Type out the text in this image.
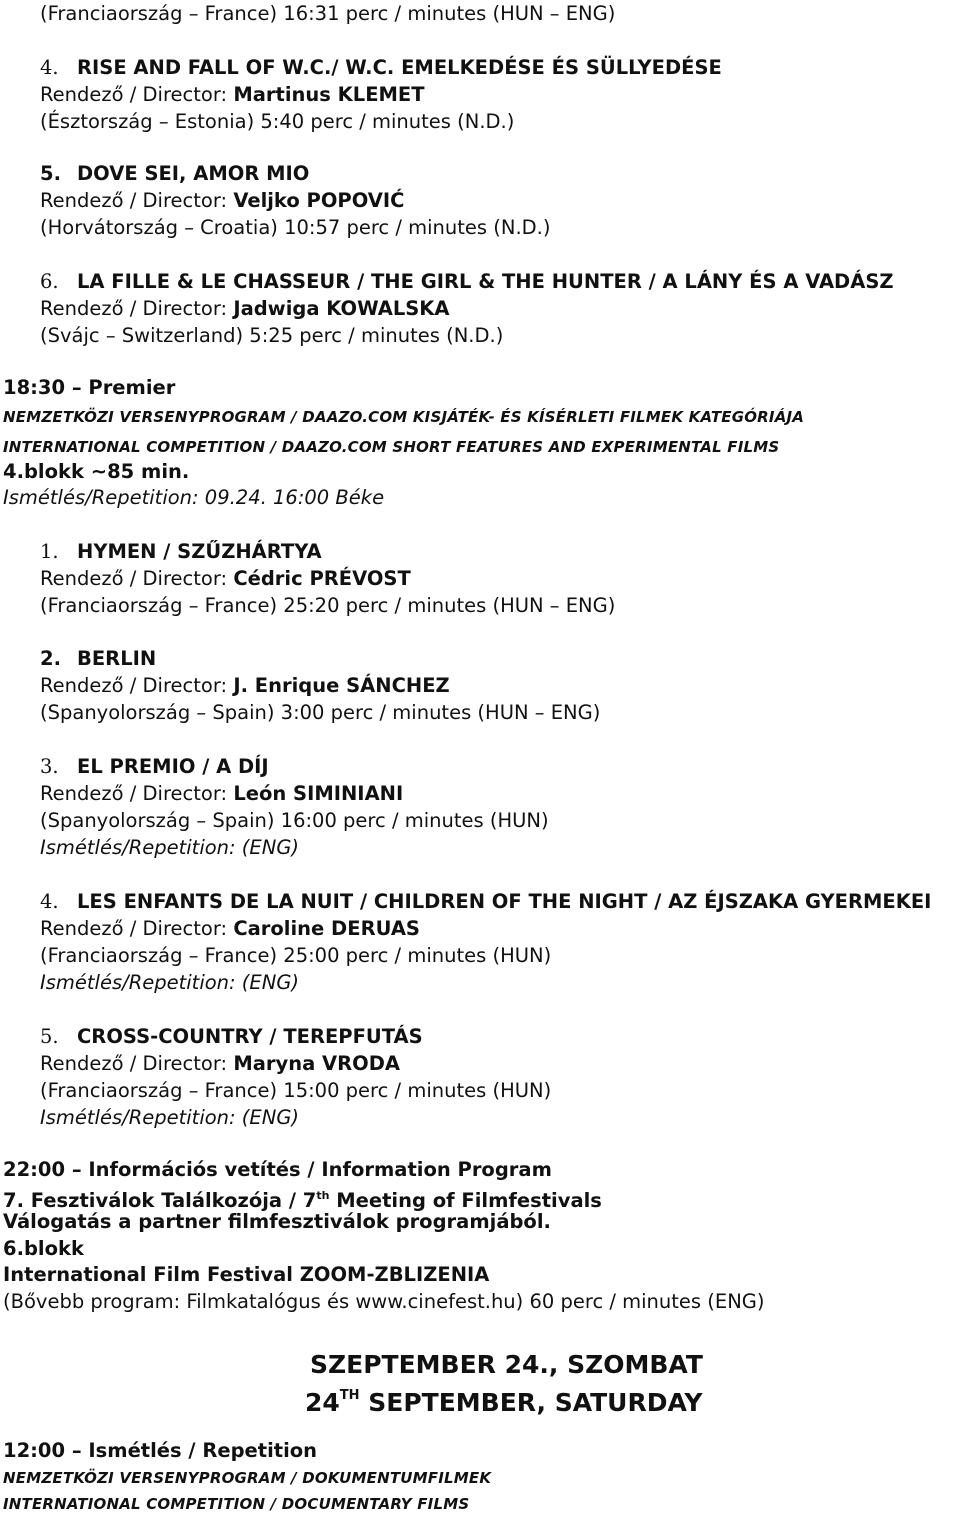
(Franciaország – France) 16:31 perc / minutes (HUN – ENG)
4. RISE AND FALL OF W.C./ W.C. EMELKEDÉSE ÉS SÜLLYEDÉSE
Rendező / Director: Martinus KLEMET
(Észtország – Estonia) 5:40 perc / minutes (N.D.)
5. DOVE SEI, AMOR MIO
Rendező / Director: Veljko POPOVIĆ
(Horvátország – Croatia) 10:57 perc / minutes (N.D.)
6. LA FILLE & LE CHASSEUR / THE GIRL & THE HUNTER / A LÁNY ÉS A VADÁSZ
Rendező / Director: Jadwiga KOWALSKA
(Svájc – Switzerland) 5:25 perc / minutes (N.D.)
18:30 – Premier
NEMZETKÖZI VERSENYPROGRAM / DAAZO.COM KISJÁTÉK- ÉS KÍSÉRLETI FILMEK KATEGÓRIÁJA
INTERNATIONAL COMPETITION / DAAZO.COM SHORT FEATURES AND EXPERIMENTAL FILMS
4.blokk ~85 min.
Ismétlés/Repetition: 09.24. 16:00 Béke
1. HYMEN / SZŰZHÁRTYA
Rendező / Director: Cédric PRÉVOST
(Franciaország – France) 25:20 perc / minutes (HUN – ENG)
2. BERLIN
Rendező / Director: J. Enrique SÁNCHEZ
(Spanyolország – Spain) 3:00 perc / minutes (HUN – ENG)
3. EL PREMIO / A DÍJ
Rendező / Director: León SIMINIANI
(Spanyolország – Spain) 16:00 perc / minutes (HUN)
Ismétlés/Repetition: (ENG)
4. LES ENFANTS DE LA NUIT / CHILDREN OF THE NIGHT / AZ ÉJSZAKA GYERMEKEI
Rendező / Director: Caroline DERUAS
(Franciaország – France) 25:00 perc / minutes (HUN)
Ismétlés/Repetition: (ENG)
5. CROSS-COUNTRY / TEREPFUTÁS
Rendező / Director: Maryna VRODA
(Franciaország – France) 15:00 perc / minutes (HUN)
Ismétlés/Repetition: (ENG)
22:00 – Információs vetítés / Information Program
7. Fesztiválok Találkozója / 7th Meeting of Filmfestivals
Válogatás a partner filmfesztiválok programjából.
6.blokk
International Film Festival ZOOM-ZBLIZENIA
(Bővebb program: Filmkatalógus és www.cinefest.hu) 60 perc / minutes (ENG)
SZEPTEMBER 24., SZOMBAT
24TH SEPTEMBER, SATURDAY
12:00 – Ismétlés / Repetition
NEMZETKÖZI VERSENYPROGRAM / DOKUMENTUMFILMEK
INTERNATIONAL COMPETITION / DOCUMENTARY FILMS
